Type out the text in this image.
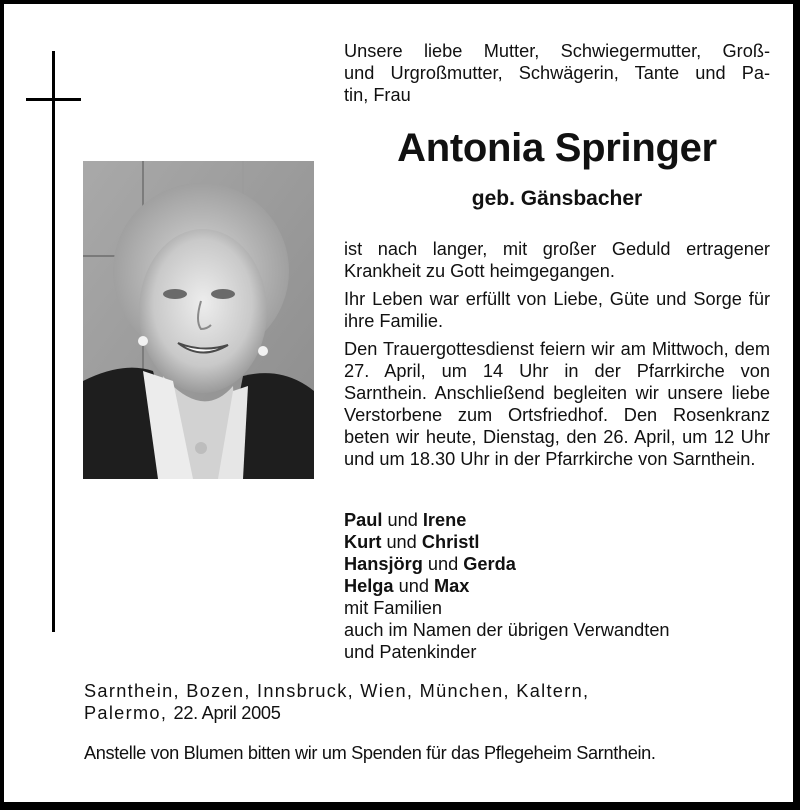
Unsere liebe Mutter, Schwiegermutter, Groß-
und Urgroßmutter, Schwägerin, Tante und Pa-
tin, Frau
Antonia Springer
geb. Gänsbacher

ist nach langer, mit großer Geduld ertragener Krankheit zu Gott heimgegangen.

Ihr Leben war erfüllt von Liebe, Güte und Sorge für ihre Familie.

Den Trauergottesdienst feiern wir am Mittwoch, dem 27. April, um 14 Uhr in der Pfarrkirche von Sarnthein. Anschließend begleiten wir unsere liebe Verstorbene zum Ortsfriedhof. Den Rosenkranz beten wir heute, Dienstag, den 26. April, um 12 Uhr und um 18.30 Uhr in der Pfarrkirche von Sarnthein.

Paul und Irene
Kurt und Christl
Hansjörg und Gerda
Helga und Max
mit Familien
auch im Namen der übrigen Verwandten
und Patenkinder
Sarnthein, Bozen, Innsbruck, Wien, München, Kaltern,
Palermo, 22. April 2005
Anstelle von Blumen bitten wir um Spenden für das Pflegeheim Sarnthein.
